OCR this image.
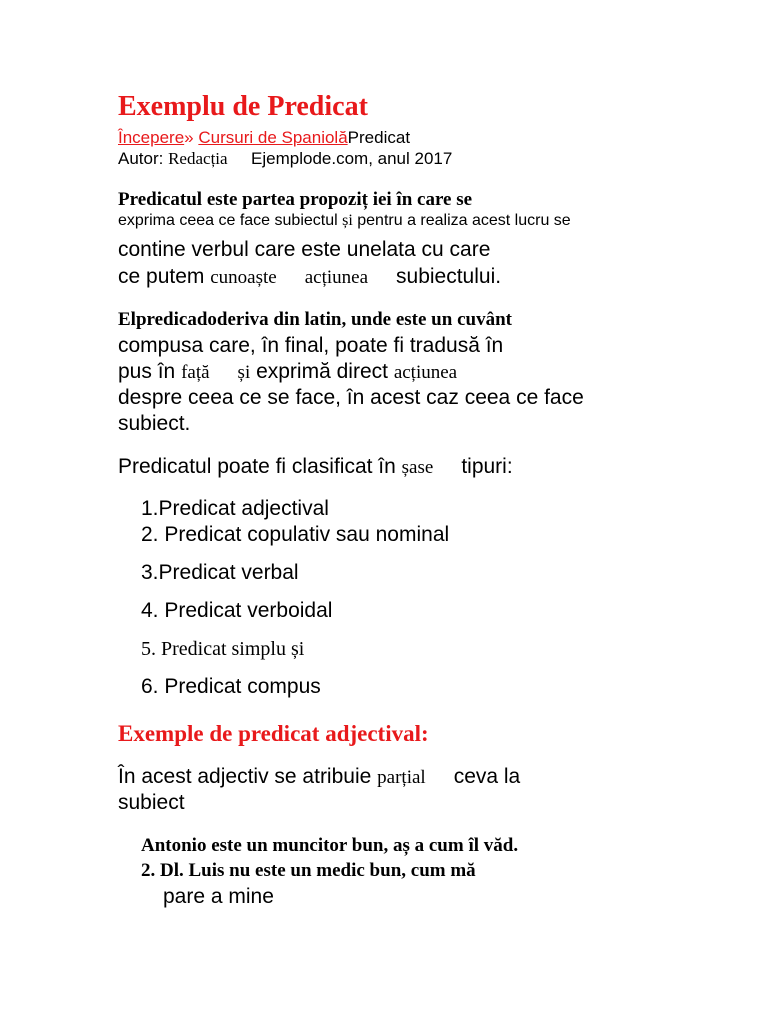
Exemplu de Predicat
Începere» Cursuri de SpaniolăPredicat
Autor: Redacția Ejemplode.com, anul 2017
Predicatul este partea propoziț iei în care se
exprima ceea ce face subiectul și pentru a realiza acest lucru se
contine verbul care este unelata cu care
ce putem cunoaște acțiunea subiectului.
Elpredicadoderiva din latin, unde este un cuvânt
compusa care, în final, poate fi tradusă în
pus în față și exprimă direct acțiunea
despre ceea ce se face, în acest caz ceea ce face
subiect.
Predicatul poate fi clasificat în șase tipuri:
1.Predicat adjectival
2. Predicat copulativ sau nominal
3.Predicat verbal
4. Predicat verboidal
5. Predicat simplu și
6. Predicat compus
Exemple de predicat adjectival:
În acest adjectiv se atribuie parțial ceva la
subiect
Antonio este un muncitor bun, aș a cum îl văd.
2. Dl. Luis nu este un medic bun, cum mă
pare a mine
